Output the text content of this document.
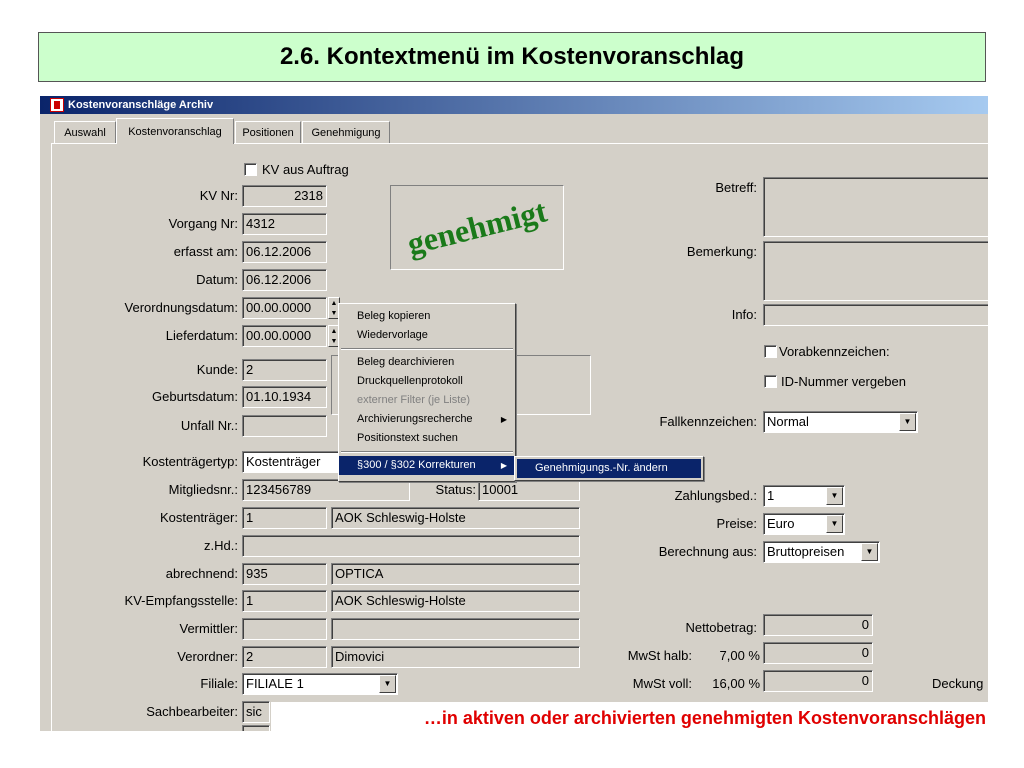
2.6. Kontextmenü im Kostenvoranschlag
Kostenvoranschläge Archiv
Auswahl	Kostenvoranschlag	Positionen	Genehmigung
KV aus Auftrag
KV Nr:	2318
Vorgang Nr: 4312
erfasst am: 06.12.2006
Datum: 06.12.2006
Verordnungsdatum: 00.00.0000	▲
▼
Lieferdatum: 00.00.0000	▲
▼
Kunde: 2
Geburtsdatum: 01.10.1934
Unfall Nr.:
Kostenträgertyp: Kostenträger
Mitgliedsnr.: 123456789	Status: 10001
Kostenträger: 1	AOK Schleswig-Holste
z.Hd.:
abrechnend: 935	OPTICA
KV-Empfangsstelle: 1	AOK Schleswig-Holste
Vermittler:
Verordner: 2	Dimovici
Filiale: FILIALE 1	▼
Sachbearbeiter: sic
genehmigt
Betreff:
Bemerkung:
Info:
Vorabkennzeichen:
ID-Nummer vergeben
Fallkennzeichen: Normal	▼
Zahlungsbed.: 1	▼
Preise: Euro	▼
Berechnung aus: Bruttopreisen	▼
Nettobetrag:	0
MwSt halb:	7,00 %	0
MwSt voll:	16,00 %	0	Deckung
Beleg kopieren
Wiedervorlage
Beleg dearchivieren
Druckquellenprotokoll
externer Filter (je Liste)
Archivierungsrecherche	▶
Positionstext suchen
§300 / §302 Korrekturen	▶	Genehmigungs.-Nr. ändern
…in aktiven oder archivierten genehmigten Kostenvoranschlägen
